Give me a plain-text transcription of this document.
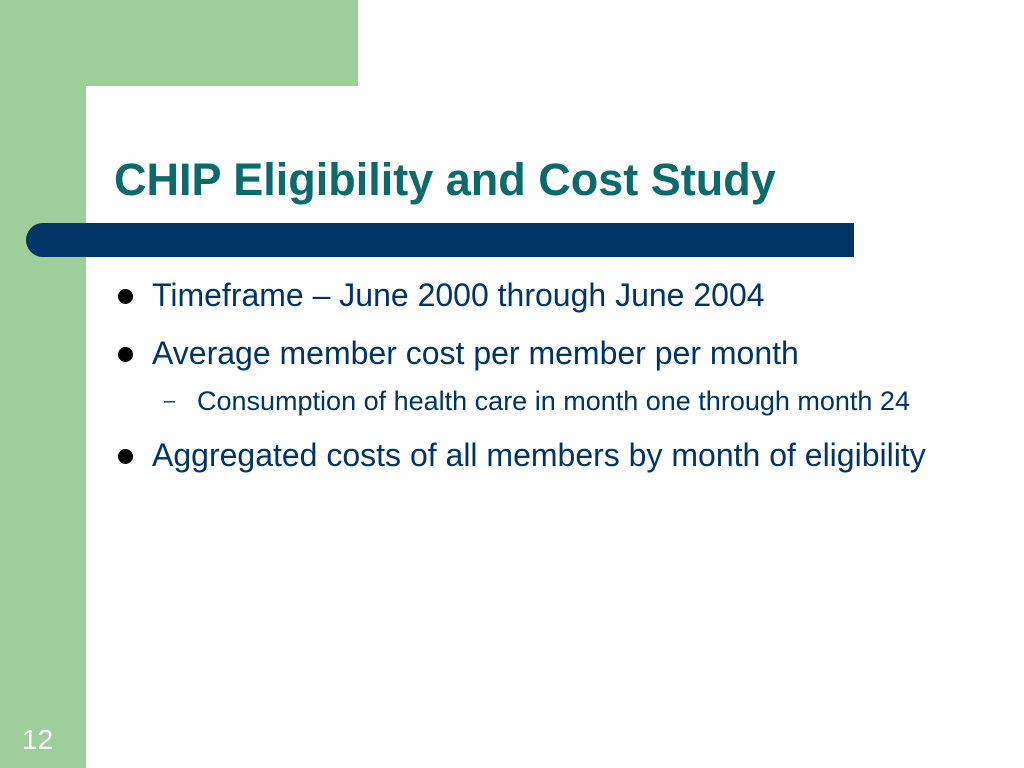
CHIP Eligibility and Cost Study
Timeframe – June 2000 through June 2004
Average member cost per member per month
– Consumption of health care in month one through month 24
Aggregated costs of all members by month of eligibility
12
